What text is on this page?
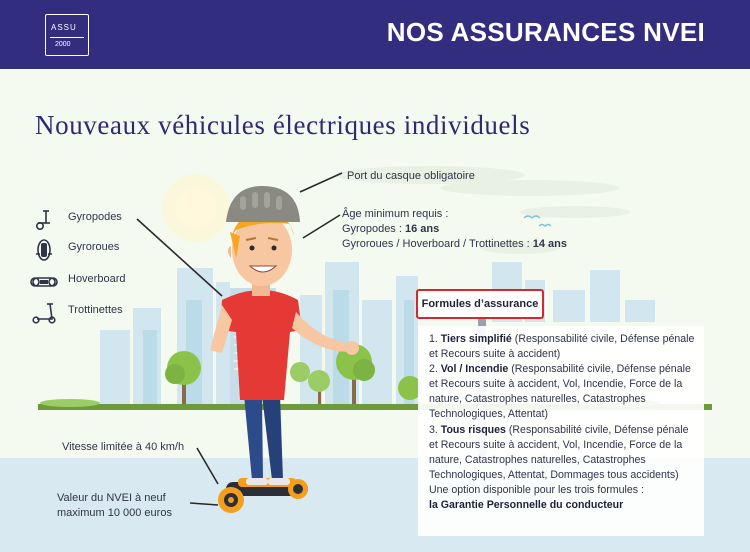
ASSU
2000	NOS ASSURANCES NVEI
Nouveaux véhicules électriques individuels
Gyropodes
Gyroroues
Hoverboard
Trottinettes
Port du casque obligatoire
Âge minimum requis :
Gyropodes : 16 ans
Gyroroues / Hoverboard / Trottinettes : 14 ans
Vitesse limitée à 40 km/h
Valeur du NVEI à neuf
maximum 10 000 euros
Formules d’assurance
1. Tiers simplifié (Responsabilité civile, Défense pénale et Recours suite à accident)
2. Vol / Incendie (Responsabilité civile, Défense pénale et Recours suite à accident, Vol, Incendie, Force de la nature, Catastrophes naturelles, Catastrophes Technologiques, Attentat)
3. Tous risques (Responsabilité civile, Défense pénale et Recours suite à accident, Vol, Incendie, Force de la nature, Catastrophes naturelles, Catastrophes Technologiques, Attentat, Dommages tous accidents)
Une option disponible pour les trois formules :
la Garantie Personnelle du conducteur
